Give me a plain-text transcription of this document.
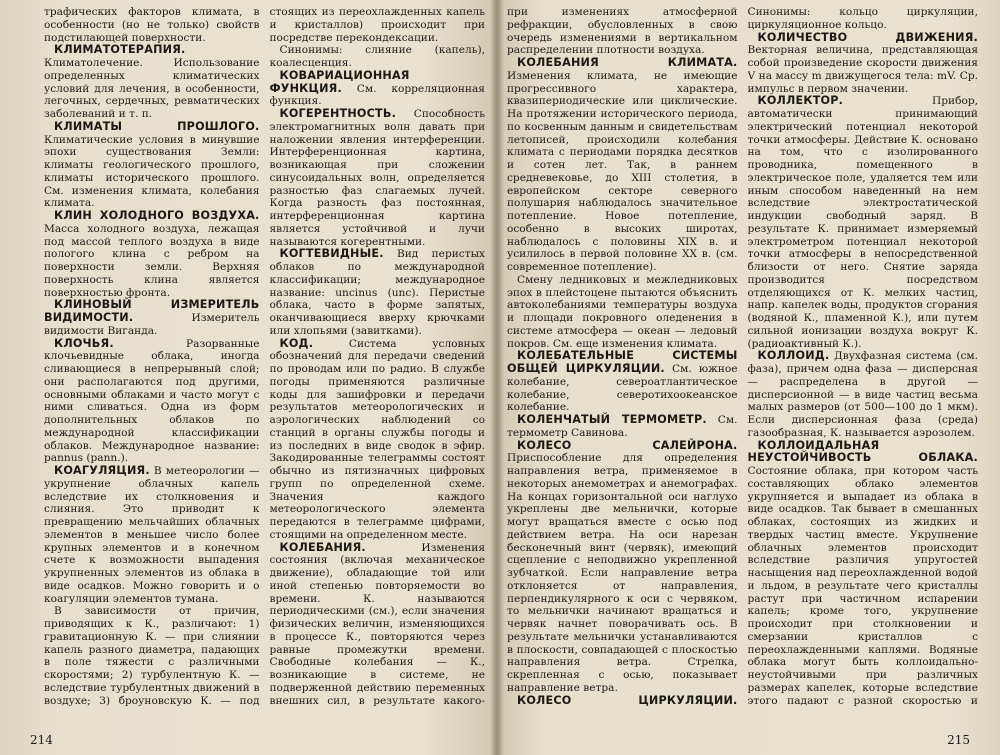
трафических факторов климата, в особенности (но не только) свойств подстилающей поверхности.

КЛИМАТОТЕРАПИЯ. Климатолечение. Использование определенных климатических условий для лечения, в особенности, легочных, сердечных, ревматических заболеваний и т. п.

КЛИМАТЫ ПРОШЛОГО. Климатические условия в минувшие эпохи существования Земли: климаты геологического прошлого, климаты исторического прошлого. См. изменения климата, колебания климата.

КЛИН ХОЛОДНОГО ВОЗДУХА. Масса холодного воздуха, лежащая под массой теплого воздуха в виде пологого клина с ребром на поверхности земли. Верхняя поверхность клина является поверхностью фронта.

КЛИНОВЫЙ ИЗМЕРИТЕЛЬ ВИДИМОСТИ. Измеритель видимости Виганда.

КЛОЧЬЯ. Разорванные клочьевидные облака, иногда сливающиеся в непрерывный слой; они располагаются под другими, основными облаками и часто могут с ними сливаться. Одна из форм дополнительных облаков по международной классификации облаков. Международное название: pannus (pann.).

КОАГУЛЯЦИЯ. В метеорологии — укрупнение облачных капель вследствие их столкновения и слияния. Это приводит к превращению мельчайших облачных элементов в меньшее число более крупных элементов и в конечном счете к возможности выпадения укрупненных элементов из облака в виде осадков. Можно говорить и о коагуляции элементов тумана.

В зависимости от причин, приводящих к К., различают: 1) гравитационную К. — при слиянии капель разного диаметра, падающих в поле тяжести с различными скоростями; 2) турбулентную К. — вследствие турбулентных движений в воздухе; 3) броуновскую К. — под

стоящих из переохлажденных капель и кристаллов) происходит при посредстве перекондексации.

Синонимы: слияние (капель), коалесценция.

КОВАРИАЦИОННАЯ ФУНКЦИЯ. См. корреляционная функция.

КОГЕРЕНТНОСТЬ. Способность электромагнитных волн давать при наложении явления интерференции. Интерференционная картина, возникающая при сложении синусоидальных волн, определяется разностью фаз слагаемых лучей. Когда разность фаз постоянная, интерференционная картина является устойчивой и лучи называются когерентными.

КОГТЕВИДНЫЕ. Вид перистых облаков по международной классификации; международное название: uncinus (unc). Перистые облака, часто в форме запятых, оканчивающиеся вверху крючками или хлопьями (завитками).

КОД. Система условных обозначений для передачи сведений по проводам или по радио. В службе погоды применяются различные коды для зашифровки и передачи результатов метеорологических и аэрологических наблюдений со станций в органы службы погоды и из последних в виде сводок в эфир. Закодированные телеграммы состоят обычно из пятизначных цифровых групп по определенной схеме. Значения каждого метеорологического элемента передаются в телеграмме цифрами, стоящими на определенном месте.

КОЛЕБАНИЯ.	Изменения состояния (включая механическое движение), обладающие той или иной степенью повторяемости во времени. К. называются периодическими (см.), если значения физических величин, изменяющихся в процессе К., повторяются через равные промежутки времени. Свободные колебания — К., возникающие в системе, не подверженной действию переменных внешних сил, в результате какого-

214

при изменениях атмосферной рефракции, обусловленных в свою очередь изменениями в вертикальном распределении плотности воздуха.

КОЛЕБАНИЯ КЛИМАТА. Изменения климата, не имеющие прогрессивного характера, квазипериодические или циклические. На протяжении исторического периода, по косвенным данным и свидетельствам летописей, происходили колебания климата с периодами порядка десятков и сотен лет. Так, в раннем средневековье, до XIII столетия, в европейском секторе северного полушария наблюдалось значительное потепление. Новое потепление, особенно в высоких широтах, наблюдалось с половины XIX в. и усилилось в первой половине XX в. (см. современное потепление).

Смену ледниковых и межледниковых эпох в плейстоцене пытаются объяснить автоколебаниями температуры воздуха и площади покровного оледенения в системе атмосфера — океан — ледовый покров. См. еще изменения климата.

КОЛЕБАТЕЛЬНЫЕ СИСТЕМЫ ОБЩЕЙ ЦИРКУЛЯЦИИ. См. южное колебание, североатлантическое колебание, северотихоокеанское колебание.

КОЛЕНЧАТЫЙ ТЕРМОМЕТР. См. термометр Савинова.

КОЛЕСО САЛЕЙРОНА. Приспособление для определения направления ветра, применяемое в некоторых анемометрах и анемографах. На концах горизонтальной оси наглухо укреплены две мельнички, которые могут вращаться вместе с осью под действием ветра. На оси нарезан бесконечный винт (червяк), имеющий сцепление с неподвижно укрепленной зубчаткой. Если направление ветра отклоняется от направления, перпендикулярного к оси с червяком, то мельнички начинают вращаться и червяк начнет поворачивать ось. В результате мельнички устанавливаются в плоскости, совпадающей с плоскостью направления ветра. Стрелка, скрепленная с осью, показывает направление ветра.

КОЛЕСО ЦИРКУЛЯЦИИ.

Синонимы: кольцо циркуляции, циркуляционное кольцо.

КОЛИЧЕСТВО ДВИЖЕНИЯ. Векторная величина, представляющая собой произведение скорости движения V на массу m движущегося тела: mV. Ср. импульс в первом значении.

КОЛЛЕКТОР. Прибор, автоматически принимающий электрический потенциал некоторой точки атмосферы. Действие К. основано на том, что с изолированного проводника, помещенного в электрическое поле, удаляется тем или иным способом наведенный на нем вследствие электростатической индукции свободный заряд. В результате К. принимает измеряемый электрометром потенциал некоторой точки атмосферы в непосредственной близости от него. Снятие заряда производится посредством отделяющихся от К. мелких частиц, напр. капелек воды, продуктов сгорания (водяной К., пламенной К.), или путем сильной ионизации воздуха вокруг К. (радиоактивный К.).

КОЛЛОИД. Двухфазная система (см. фаза), причем одна фаза — дисперсная — распределена в другой — дисперсионной — в виде частиц весьма малых размеров (от 500—100 до 1 мкм). Если дисперсионная фаза (среда) газообразная, К. называется аэрозолем.

КОЛЛОИДАЛЬНАЯ НЕУСТОЙЧИВОСТЬ ОБЛАКА. Состояние облака, при котором часть составляющих облако элементов укрупняется и выпадает из облака в виде осадков. Так бывает в смешанных облаках, состоящих из жидких и твердых частиц вместе. Укрупнение облачных элементов происходит вследствие различия упругостей насыщения над переохлажденной водой и льдом, в результате чего кристаллы растут при частичном испарении капель; кроме того, укрупнение происходит при столкновении и смерзании кристаллов с переохлажденными каплями. Водяные облака могут быть коллоидально-неустойчивыми при различных размерах капелек, которые вследствие этого падают с разной скоростью и

215
